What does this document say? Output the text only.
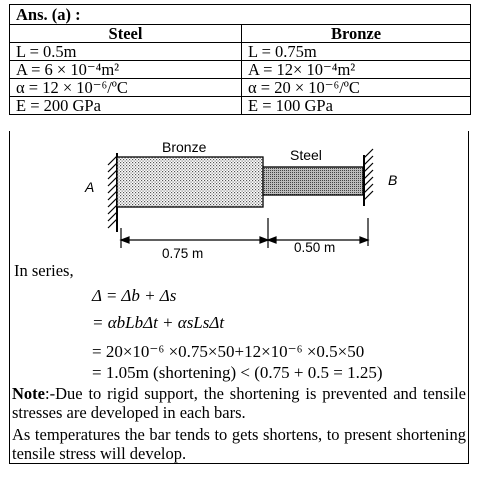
Ans. (a) :	
Steel	Bronze
L = 0.5m	L = 0.75m
A = 6 × 10⁻⁴m²	A = 12× 10⁻⁴m²
α = 12 × 10⁻⁶/ºC	α = 20 × 10⁻⁶/ºC
E = 200 GPa	E = 100 GPa
Bronze	Steel
A	B
0.75 m	0.50 m
In series,
Δ = Δb + Δs
= αbLbΔt + αsLsΔt
= 20×10⁻⁶ ×0.75×50+12×10⁻⁶ ×0.5×50
= 1.05m (shortening) < (0.75 + 0.5 = 1.25)
Note:-Due to rigid support, the shortening is prevented and tensile stresses are developed in each bars.
As temperatures the bar tends to gets shortens, to present shortening tensile stress will develop.
